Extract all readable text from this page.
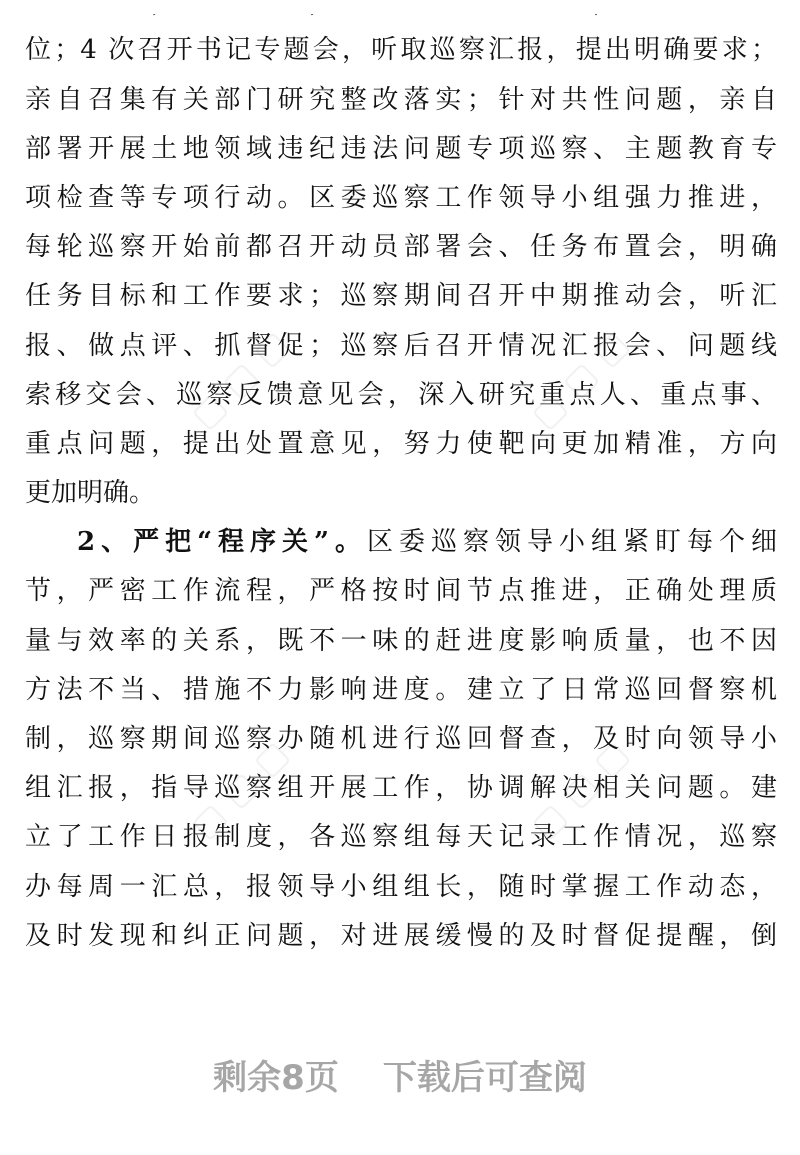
▢ ▢ ▢	▢ ▢ ▢
▢ ▢ ▢	▢ ▢ ▢
位；4 次召开书记专题会，听取巡察汇报，提出明确要求；
亲自召集有关部门研究整改落实；针对共性问题，亲自
部署开展土地领域违纪违法问题专项巡察、主题教育专
项检查等专项行动。区委巡察工作领导小组强力推进，
每轮巡察开始前都召开动员部署会、任务布置会，明确
任务目标和工作要求；巡察期间召开中期推动会，听汇
报、做点评、抓督促；巡察后召开情况汇报会、问题线
索移交会、巡察反馈意见会，深入研究重点人、重点事、
重点问题，提出处置意见，努力使靶向更加精准，方向
更加明确。
2、严把“程序关”。区委巡察领导小组紧盯每个细
节，严密工作流程，严格按时间节点推进，正确处理质
量与效率的关系，既不一味的赶进度影响质量，也不因
方法不当、措施不力影响进度。建立了日常巡回督察机
制，巡察期间巡察办随机进行巡回督查，及时向领导小
组汇报，指导巡察组开展工作，协调解决相关问题。建
立了工作日报制度，各巡察组每天记录工作情况，巡察
办每周一汇总，报领导小组组长，随时掌握工作动态，
及时发现和纠正问题，对进展缓慢的及时督促提醒，倒
剩余8页 下载后可查阅
